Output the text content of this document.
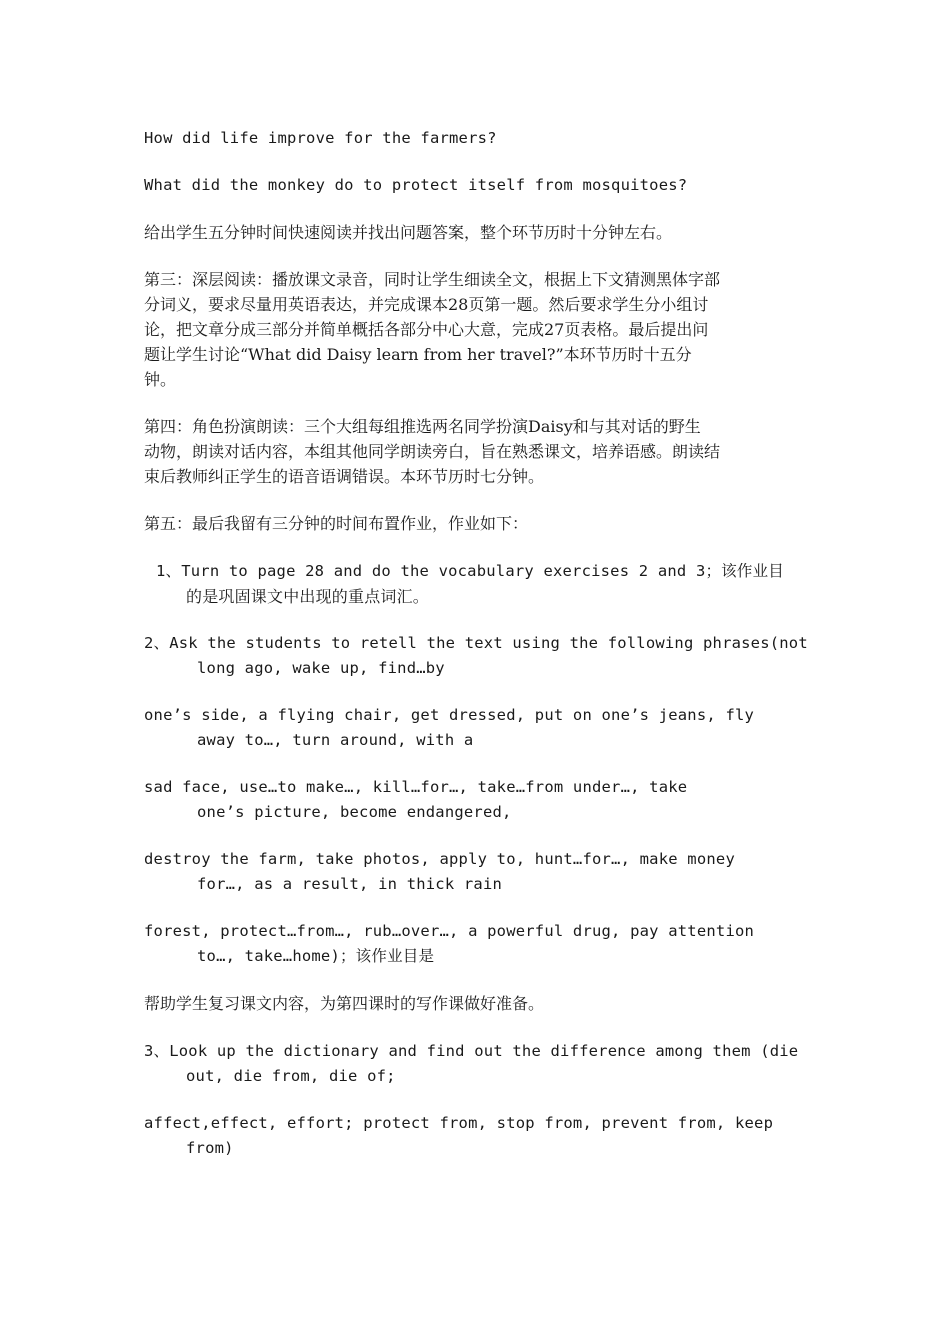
How did life improve for the farmers?

What did the monkey do to protect itself from mosquitoes?

给出学生五分钟时间快速阅读并找出问题答案，整个环节历时十分钟左右。

第三：深层阅读：播放课文录音，同时让学生细读全文，根据上下文猜测黑体字部
分词义，要求尽量用英语表达，并完成课本28页第一题。然后要求学生分小组讨
论，把文章分成三部分并简单概括各部分中心大意，完成27页表格。最后提出问
题让学生讨论“What did Daisy learn from her travel?”本环节历时十五分
钟。

第四：角色扮演朗读：三个大组每组推选两名同学扮演Daisy和与其对话的野生
动物，朗读对话内容，本组其他同学朗读旁白，旨在熟悉课文，培养语感。朗读结
束后教师纠正学生的语音语调错误。本环节历时七分钟。

第五：最后我留有三分钟的时间布置作业，作业如下：

1、Turn to page 28 and do the vocabulary exercises 2 and 3；该作业目
的是巩固课文中出现的重点词汇。

2、Ask the students to retell the text using the following phrases(not
long ago, wake up, find…by

one’s side, a flying chair, get dressed, put on one’s jeans, fly
away to…, turn around, with a

sad face, use…to make…, kill…for…, take…from under…, take
one’s picture, become endangered,

destroy the farm, take photos, apply to, hunt…for…, make money
for…, as a result, in thick rain

forest, protect…from…, rub…over…, a powerful drug, pay attention
to…, take…home)；该作业目是

帮助学生复习课文内容，为第四课时的写作课做好准备。

3、Look up the dictionary and find out the difference among them (die
out, die from, die of;

affect,effect, effort; protect from, stop from, prevent from, keep
from)
